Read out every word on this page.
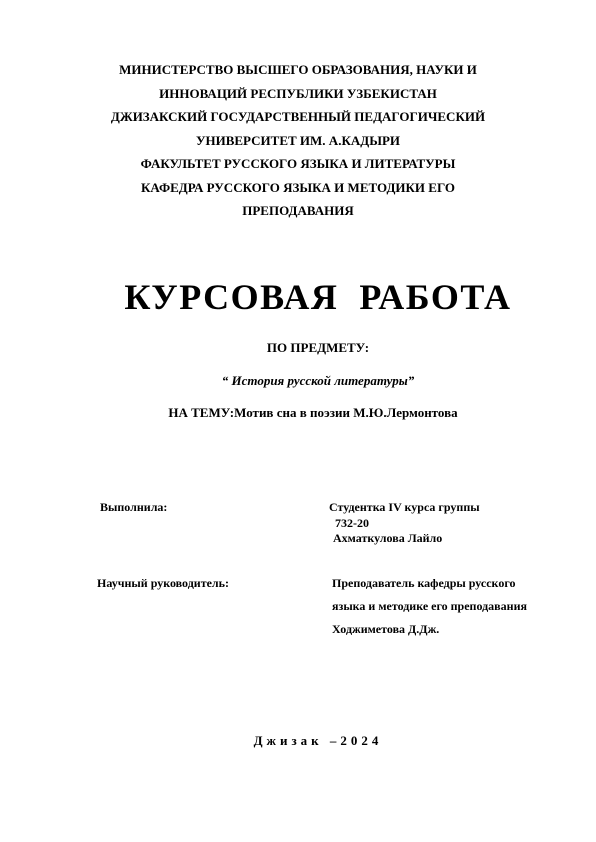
МИНИСТЕРСТВО ВЫСШЕГО ОБРАЗОВАНИЯ, НАУКИ И
ИННОВАЦИЙ РЕСПУБЛИКИ УЗБЕКИСТАН
ДЖИЗАКСКИЙ ГОСУДАРСТВЕННЫЙ ПЕДАГОГИЧЕСКИЙ
УНИВЕРСИТЕТ ИМ. А.КАДЫРИ
ФАКУЛЬТЕТ РУССКОГО ЯЗЫКА И ЛИТЕРАТУРЫ
КАФЕДРА РУССКОГО ЯЗЫКА И МЕТОДИКИ ЕГО
ПРЕПОДАВАНИЯ
КУРСОВАЯ  РАБОТА
ПО ПРЕДМЕТУ:
“ История русской литературы”
НА ТЕМУ:Мотив сна в поэзии М.Ю.Лермонтова
Выполнила:	Студентка IV курса группы
732-20
Ахматкулова Лайло
Научный руководитель:	Преподаватель кафедры русского
языка и методике его преподавания
Ходжиметова Д.Дж.
Джизак –2024
